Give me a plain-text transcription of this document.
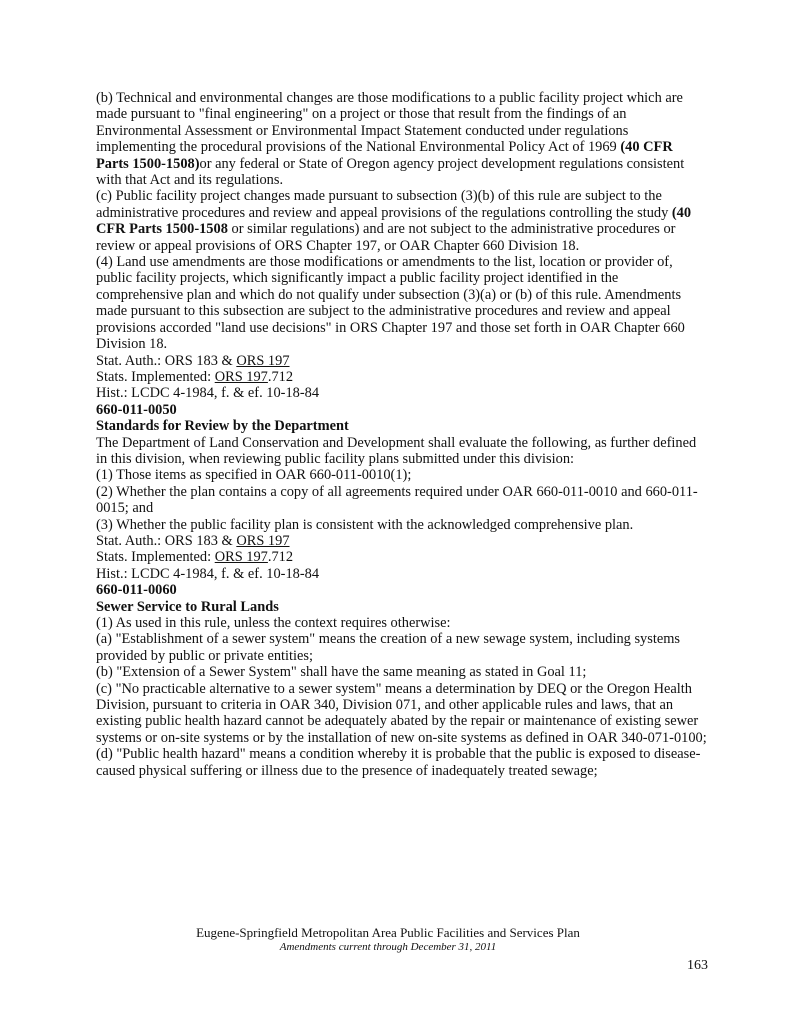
(b) Technical and environmental changes are those modifications to a public facility project which are made pursuant to "final engineering" on a project or those that result from the findings of an Environmental Assessment or Environmental Impact Statement conducted under regulations implementing the procedural provisions of the National Environmental Policy Act of 1969 (40 CFR Parts 1500-1508)or any federal or State of Oregon agency project development regulations consistent with that Act and its regulations.

(c) Public facility project changes made pursuant to subsection (3)(b) of this rule are subject to the administrative procedures and review and appeal provisions of the regulations controlling the study (40 CFR Parts 1500-1508 or similar regulations) and are not subject to the administrative procedures or review or appeal provisions of ORS Chapter 197, or OAR Chapter 660 Division 18.

(4) Land use amendments are those modifications or amendments to the list, location or provider of, public facility projects, which significantly impact a public facility project identified in the comprehensive plan and which do not qualify under subsection (3)(a) or (b) of this rule. Amendments made pursuant to this subsection are subject to the administrative procedures and review and appeal provisions accorded "land use decisions" in ORS Chapter 197 and those set forth in OAR Chapter 660 Division 18.

Stat. Auth.: ORS 183 & ORS 197

Stats. Implemented: ORS 197.712

Hist.: LCDC 4-1984, f. & ef. 10-18-84

660-011-0050

Standards for Review by the Department

The Department of Land Conservation and Development shall evaluate the following, as further defined in this division, when reviewing public facility plans submitted under this division:

(1) Those items as specified in OAR 660-011-0010(1);

(2) Whether the plan contains a copy of all agreements required under OAR 660-011-0010 and 660-011-0015; and

(3) Whether the public facility plan is consistent with the acknowledged comprehensive plan.

Stat. Auth.: ORS 183 & ORS 197

Stats. Implemented: ORS 197.712

Hist.: LCDC 4-1984, f. & ef. 10-18-84

660-011-0060

Sewer Service to Rural Lands

(1) As used in this rule, unless the context requires otherwise:

(a) "Establishment of a sewer system" means the creation of a new sewage system, including systems provided by public or private entities;

(b) "Extension of a Sewer System" shall have the same meaning as stated in Goal 11;

(c) "No practicable alternative to a sewer system" means a determination by DEQ or the Oregon Health Division, pursuant to criteria in OAR 340, Division 071, and other applicable rules and laws, that an existing public health hazard cannot be adequately abated by the repair or maintenance of existing sewer systems or on-site systems or by the installation of new on-site systems as defined in OAR 340-071-0100;

(d) "Public health hazard" means a condition whereby it is probable that the public is exposed to disease-caused physical suffering or illness due to the presence of inadequately treated sewage;

Eugene-Springfield Metropolitan Area Public Facilities and Services Plan
Amendments current through December 31, 2011
163
